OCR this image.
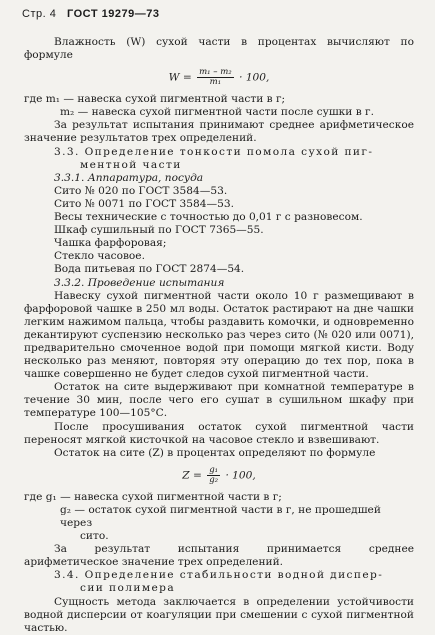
Стр. 4 ГОСТ 19279—73

Влажность (W) сухой части в процентах вычисляют по формуле

$W = \frac{\text{m₁ – m₂}}{\text{m₁}} \cdot 100$,

где m₁ — навеска сухой пигментной части в г;

m₂ — навеска сухой пигментной части после сушки в г.

За результат испытания принимают среднее арифметическое значение результатов трех определений.

3.3. Определение тонкости помола сухой пиг-

ментной части

3.3.1. Аппаратура, посуда

Сито № 020 по ГОСТ 3584—53.

Сито № 0071 по ГОСТ 3584—53.

Весы технические с точностью до 0,01 г с разновесом.

Шкаф сушильный по ГОСТ 7365—55.

Чашка фарфоровая;

Стекло часовое.

Вода питьевая по ГОСТ 2874—54.

3.3.2. Проведение испытания

Навеску сухой пигментной части около 10 г размещивают в фарфоровой чашке в 250 мл воды. Остаток растирают на дне чашки легким нажимом пальца, чтобы раздавить комочки, и одновременно декантируют суспензию несколько раз через сито (№ 020 или 0071), предварительно смоченное водой при помощи мягкой кисти. Воду несколько раз меняют, повторяя эту операцию до тех пор, пока в чашке совершенно не будет следов сухой пигментной части.

Остаток на сите выдерживают при комнатной температуре в течение 30 мин, после чего его сушат в сушильном шкафу при температуре 100—105°С.

После просушивания остаток сухой пигментной части переносят мягкой кисточкой на часовое стекло и взвешивают.

Остаток на сите (Z) в процентах определяют по формуле

$Z = \frac{\text{g₁}}{\text{g₂}} \cdot 100$,

где g₁ — навеска сухой пигментной части в г;

g₂ — остаток сухой пигментной части в г, не прошедшей через

сито.

За результат испытания принимается среднее арифметическое значение трех определений.

3.4. Определение стабильности водной диспер-

сии полимера

Сущность метода заключается в определении устойчивости водной дисперсии от коагуляции при смешении с сухой пигментной частью.
